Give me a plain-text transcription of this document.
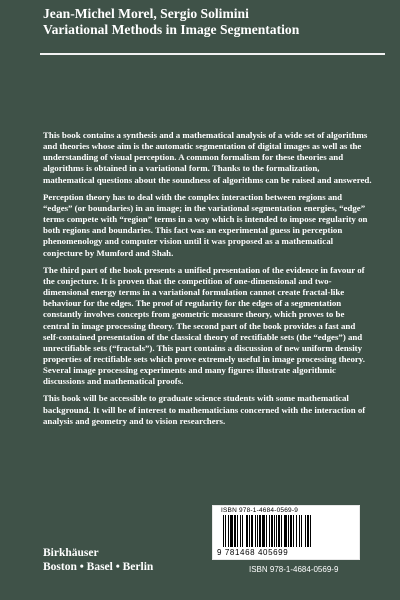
Jean-Michel Morel, Sergio Solimini
Variational Methods in Image Segmentation

This book contains a synthesis and a mathematical analysis of a wide set of algorithms and theories whose aim is the automatic segmentation of digital images as well as the understanding of visual perception. A common formalism for these theories and algorithms is obtained in a variational form. Thanks to the formalization, mathematical questions about the soundness of algorithms can be raised and answered.

Perception theory has to deal with the complex interaction between regions and “edges” (or boundaries) in an image; in the variational segmentation energies, “edge” terms compete with “region” terms in a way which is intended to impose regularity on both regions and boundaries. This fact was an experimental guess in perception phenomenology and computer vision until it was proposed as a mathematical conjecture by Mumford and Shah.

The third part of the book presents a unified presentation of the evidence in favour of the conjecture. It is proven that the competition of one-dimensional and two-dimensional energy terms in a variational formulation cannot create fractal-like behaviour for the edges. The proof of regularity for the edges of a segmentation constantly involves concepts from geometric measure theory, which proves to be central in image processing theory. The second part of the book provides a fast and self-contained presentation of the classical theory of rectifiable sets (the “edges”) and unrectifiable sets (“fractals”). This part contains a discussion of new uniform density properties of rectifiable sets which prove extremely useful in image processing theory. Several image processing experiments and many figures illustrate algorithmic discussions and mathematical proofs.

This book will be accessible to graduate science students with some mathematical background. It will be of interest to mathematicians concerned with the interaction of analysis and geometry and to vision researchers.

Birkhäuser
Boston • Basel • Berlin
ISBN 978-1-4684-0569-9
9 781468 405699
ISBN 978-1-4684-0569-9
